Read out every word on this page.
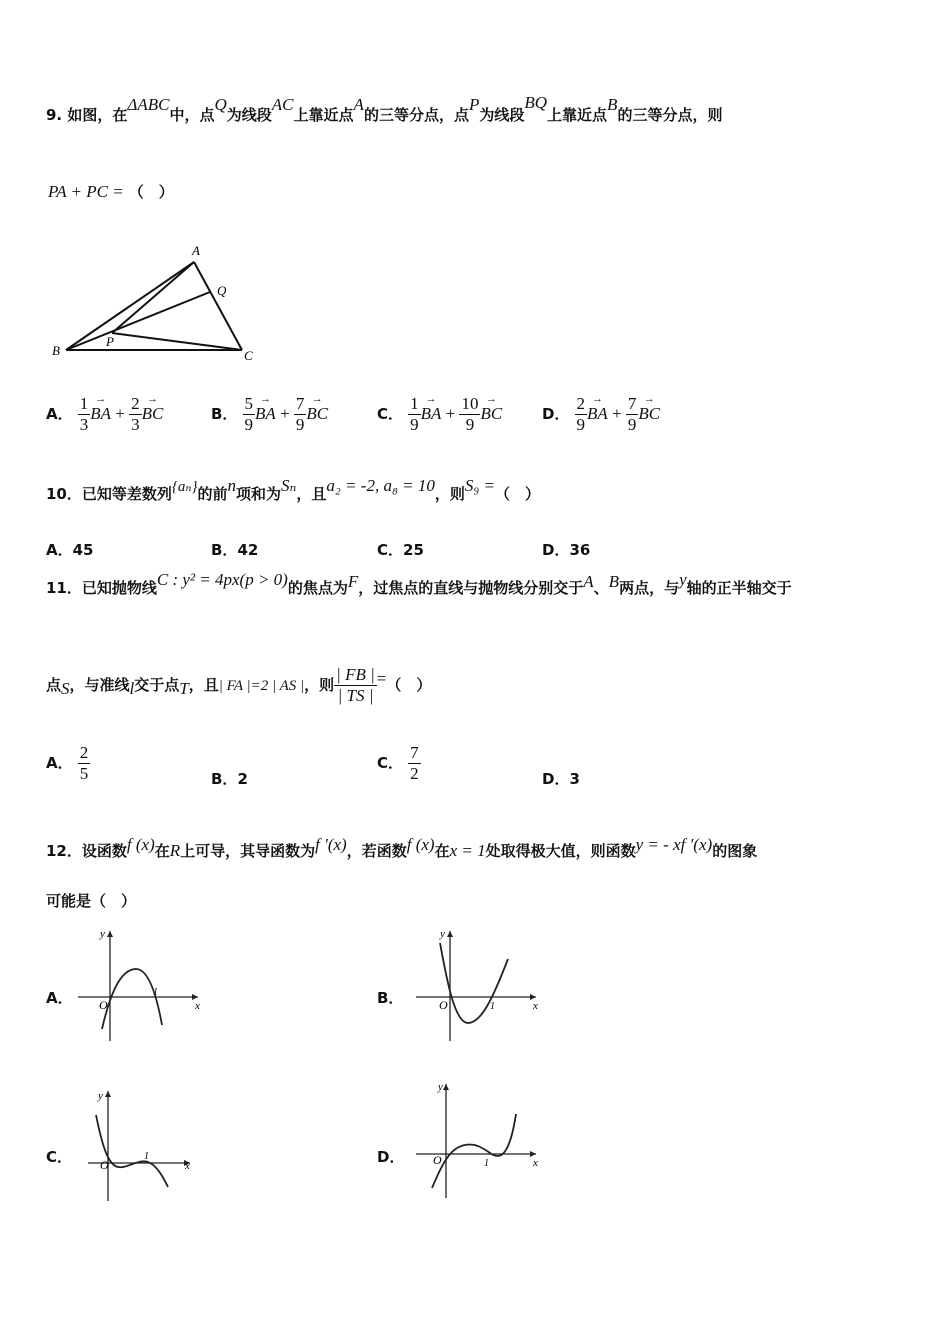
9. 如图，在ΔABC中，点Q为线段AC上靠近点A的三等分点，点P为线段BQ上靠近点B的三等分点，则
PA + PC = （　）
A
Q
B
P
C
A． $\frac{1}{3}$ → BA + $\frac{2}{3}$ → BC	B． $\frac{5}{9}$ → BA + $\frac{7}{9}$ → BC	C． $\frac{1}{9}$ → BA + $\frac{10}{9}$ → BC	D． $\frac{2}{9}$ → BA + $\frac{7}{9}$ → BC
10．已知等差数列{aₙ}的前n项和为Sₙ，且a₂ = -2, a₈ = 10，则S₉ =（　）
A．45	B．42	C．25	D．36
11．已知抛物线C : y² = 4px(p > 0)的焦点为F，过焦点的直线与抛物线分别交于A、B两点，与y轴的正半轴交于
点S，与准线l交于点T，且| FA |=2 | AS |，则 $\frac{| FB |}{| TS |}$ =（　）
A． $\frac{2}{5}$	B．2
C． $\frac{7}{2}$	D．3
12．设函数f (x)在R上可导，其导函数为f ′(x)，若函数f (x)在x = 1处取得极大值，则函数y = - xf ′(x)的图象
可能是（　）
A．
y
x
O
1	B．
y
x
O	1
C．
y
x
O
1	D．
y
x
O	1
